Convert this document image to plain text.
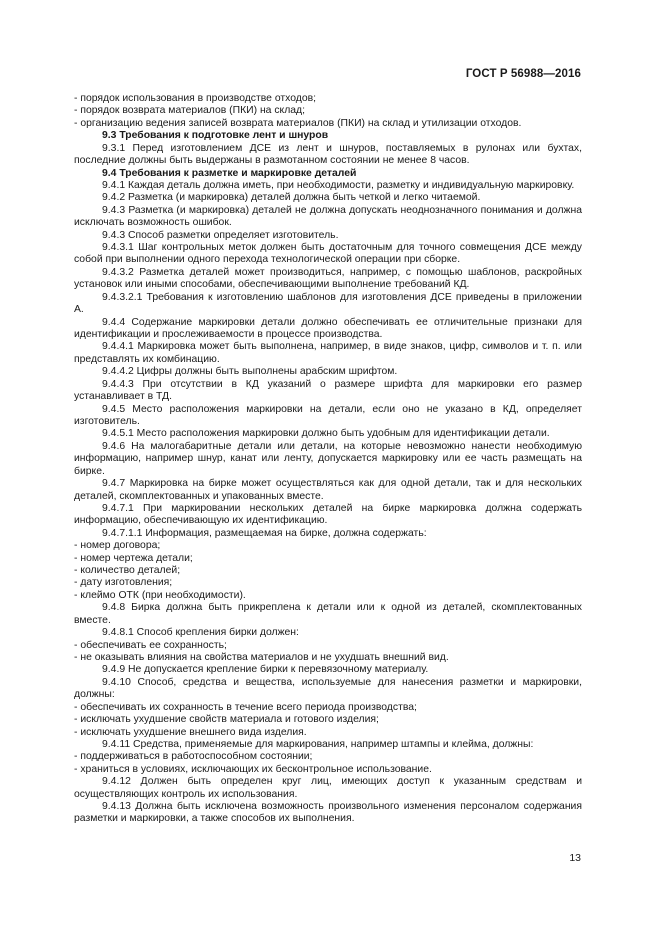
ГОСТ Р 56988—2016

- порядок использования в производстве отходов;

- порядок возврата материалов (ПКИ) на склад;

- организацию ведения записей возврата материалов (ПКИ) на склад и утилизации отходов.

9.3 Требования к подготовке лент и шнуров

9.3.1 Перед изготовлением ДСЕ из лент и шнуров, поставляемых в рулонах или бухтах, последние должны быть выдержаны в размотанном состоянии не менее 8 часов.

9.4 Требования к разметке и маркировке деталей

9.4.1 Каждая деталь должна иметь, при необходимости, разметку и индивидуальную маркировку.

9.4.2 Разметка (и маркировка) деталей должна быть четкой и легко читаемой.

9.4.3 Разметка (и маркировка) деталей не должна допускать неоднозначного понимания и должна исключать возможность ошибок.

9.4.3 Способ разметки определяет изготовитель.

9.4.3.1 Шаг контрольных меток должен быть достаточным для точного совмещения ДСЕ между собой при выполнении одного перехода технологической операции при сборке.

9.4.3.2 Разметка деталей может производиться, например, с помощью шаблонов, раскройных установок или иными способами, обеспечивающими выполнение требований КД.

9.4.3.2.1 Требования к изготовлению шаблонов для изготовления ДСЕ приведены в приложении А.

9.4.4 Содержание маркировки детали должно обеспечивать ее отличительные признаки для идентификации и прослеживаемости в процессе производства.

9.4.4.1 Маркировка может быть выполнена, например, в виде знаков, цифр, символов и т. п. или представлять их комбинацию.

9.4.4.2 Цифры должны быть выполнены арабским шрифтом.

9.4.4.3 При отсутствии в КД указаний о размере шрифта для маркировки его размер устанавливает в ТД.

9.4.5 Место расположения маркировки на детали, если оно не указано в КД, определяет изготовитель.

9.4.5.1 Место расположения маркировки должно быть удобным для идентификации детали.

9.4.6 На малогабаритные детали или детали, на которые невозможно нанести необходимую информацию, например шнур, канат или ленту, допускается маркировку или ее часть размещать на бирке.

9.4.7 Маркировка на бирке может осуществляться как для одной детали, так и для нескольких деталей, скомплектованных и упакованных вместе.

9.4.7.1 При маркировании нескольких деталей на бирке маркировка должна содержать информацию, обеспечивающую их идентификацию.

9.4.7.1.1 Информация, размещаемая на бирке, должна содержать:

- номер договора;

- номер чертежа детали;

- количество деталей;

- дату изготовления;

- клеймо ОТК (при необходимости).

9.4.8 Бирка должна быть прикреплена к детали или к одной из деталей, скомплектованных вместе.

9.4.8.1 Способ крепления бирки должен:

- обеспечивать ее сохранность;

- не оказывать влияния на свойства материалов и не ухудшать внешний вид.

9.4.9 Не допускается крепление бирки к перевязочному материалу.

9.4.10 Способ, средства и вещества, используемые для нанесения разметки и маркировки, должны:

- обеспечивать их сохранность в течение всего периода производства;

- исключать ухудшение свойств материала и готового изделия;

- исключать ухудшение внешнего вида изделия.

9.4.11 Средства, применяемые для маркирования, например штампы и клейма, должны:

- поддерживаться в работоспособном состоянии;

- храниться в условиях, исключающих их бесконтрольное использование.

9.4.12 Должен быть определен круг лиц, имеющих доступ к указанным средствам и осуществляющих контроль их использования.

9.4.13 Должна быть исключена возможность произвольного изменения персоналом содержания разметки и маркировки, а также способов их выполнения.

13
